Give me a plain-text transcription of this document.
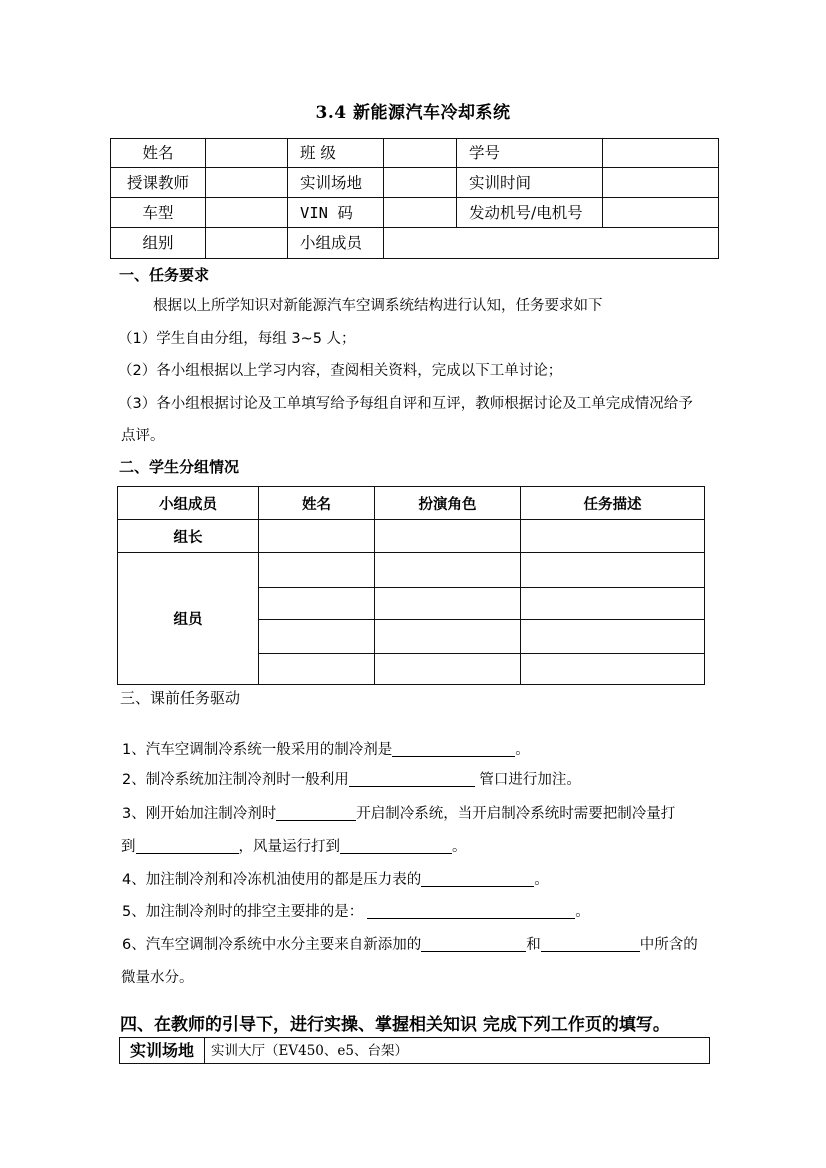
3.4 新能源汽车冷却系统
姓名		班 级		学号	
授课教师		实训场地		实训时间	
车型		VIN 码		发动机号/电机号	
组别		小组成员			
一、任务要求
根据以上所学知识对新能源汽车空调系统结构进行认知，任务要求如下
（1）学生自由分组，每组 3~5 人；
（2）各小组根据以上学习内容，查阅相关资料，完成以下工单讨论；
（3）各小组根据讨论及工单填写给予每组自评和互评，教师根据讨论及工单完成情况给予
点评。
二、学生分组情况
小组成员	姓名	扮演角色	任务描述
组长			
组员			

三、课前任务驱动
1、汽车空调制冷系统一般采用的制冷剂是	。
2、制冷系统加注制冷剂时一般利用	管口进行加注。
3、刚开始加注制冷剂时	开启制冷系统，当开启制冷系统时需要把制冷量打
到	，风量运行打到	。
4、加注制冷剂和冷冻机油使用的都是压力表的	。
5、加注制冷剂时的排空主要排的是：	。
6、汽车空调制冷系统中水分主要来自新添加的	和	中所含的
微量水分。
四、在教师的引导下，进行实操、掌握相关知识 完成下列工作页的填写。
实训场地	实训大厅（EV450、e5、台架）
